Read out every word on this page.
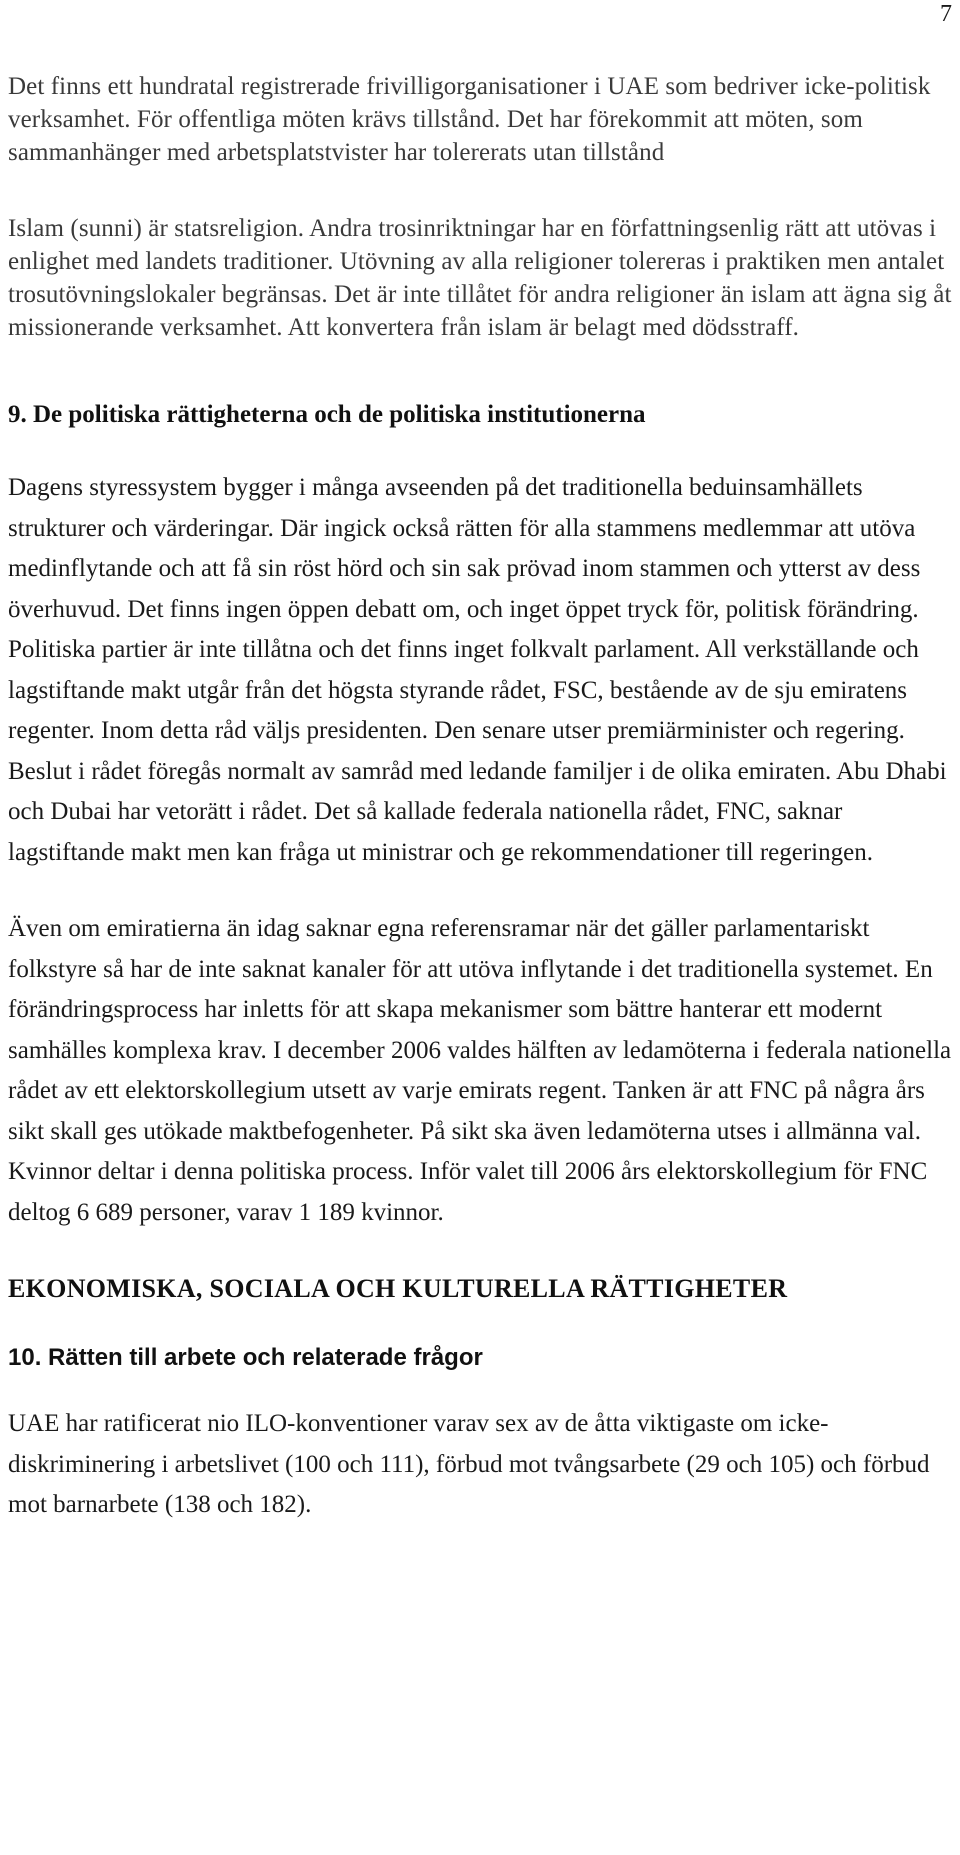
7

Det finns ett hundratal registrerade frivilligorganisationer i UAE som bedriver icke-politisk verksamhet. För offentliga möten krävs tillstånd. Det har förekommit att möten, som sammanhänger med arbetsplatstvister har tolererats utan tillstånd

Islam (sunni) är statsreligion. Andra trosinriktningar har en författningsenlig rätt att utövas i enlighet med landets traditioner. Utövning av alla religioner tolereras i praktiken men antalet trosutövningslokaler begränsas. Det är inte tillåtet för andra religioner än islam att ägna sig åt missionerande verksamhet. Att konvertera från islam är belagt med dödsstraff.

9. De politiska rättigheterna och de politiska institutionerna

Dagens styressystem bygger i många avseenden på det traditionella beduinsamhällets strukturer och värderingar. Där ingick också rätten för alla stammens medlemmar att utöva medinflytande och att få sin röst hörd och sin sak prövad inom stammen och ytterst av dess överhuvud. Det finns ingen öppen debatt om, och inget öppet tryck för, politisk förändring. Politiska partier är inte tillåtna och det finns inget folkvalt parlament. All verkställande och lagstiftande makt utgår från det högsta styrande rådet, FSC, bestående av de sju emiratens regenter. Inom detta råd väljs presidenten. Den senare utser premiärminister och regering. Beslut i rådet föregås normalt av samråd med ledande familjer i de olika emiraten. Abu Dhabi och Dubai har vetorätt i rådet. Det så kallade federala nationella rådet, FNC, saknar lagstiftande makt men kan fråga ut ministrar och ge rekommendationer till regeringen.

Även om emiratierna än idag saknar egna referensramar när det gäller parlamentariskt folkstyre så har de inte saknat kanaler för att utöva inflytande i det traditionella systemet. En förändringsprocess har inletts för att skapa mekanismer som bättre hanterar ett modernt samhälles komplexa krav. I december 2006 valdes hälften av ledamöterna i federala nationella rådet av ett elektorskollegium utsett av varje emirats regent. Tanken är att FNC på några års sikt skall ges utökade maktbefogenheter. På sikt ska även ledamöterna utses i allmänna val. Kvinnor deltar i denna politiska process. Inför valet till 2006 års elektorskollegium för FNC deltog 6 689 personer, varav 1 189 kvinnor.

EKONOMISKA, SOCIALA OCH KULTURELLA RÄTTIGHETER
10. Rätten till arbete och relaterade frågor

UAE har ratificerat nio ILO-konventioner varav sex av de åtta viktigaste om icke-diskriminering i arbetslivet (100 och 111), förbud mot tvångsarbete (29 och 105) och förbud mot barnarbete (138 och 182).
